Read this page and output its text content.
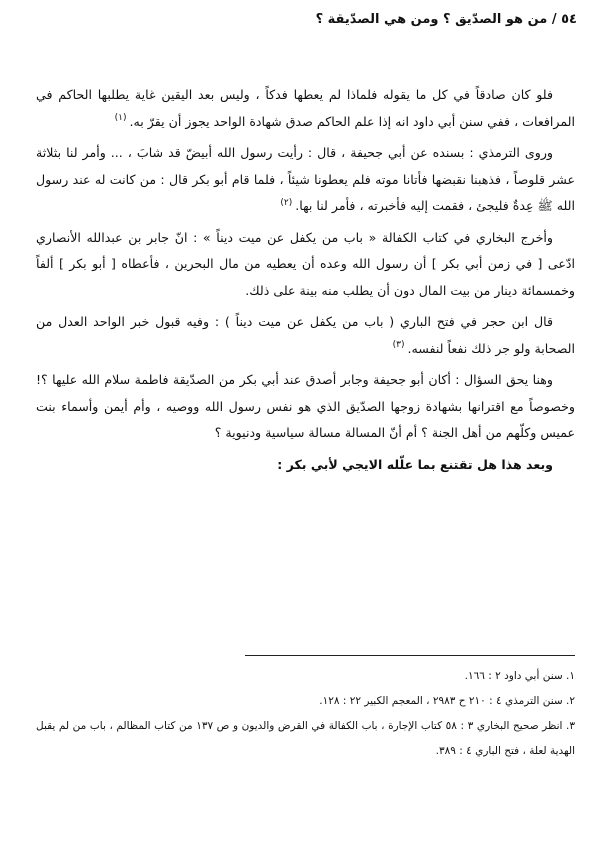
٥٤ / من هو الصدّيق ؟ ومن هي الصدّيقة ؟

فلو كان صادقاً في كل ما يقوله فلماذا لم يعطها فدكاً ، وليس بعد اليقين غاية يطلبها الحاكم في المرافعات ، ففي سنن أبي داود انه إذا علم الحاكم صدق شهادة الواحد يجوز أن يقرّ به.$^{(١)}$

وروى الترمذي : بسنده عن أبي جحيفة ، قال : رأيت رسول الله أبيضّ قد شابَ ، ... وأمر لنا بثلاثة عشر قلوصاً ، فذهبنا نقبضها فأتانا موته فلم يعطونا شيئاً ، فلما قام أبو بكر قال : من كانت له عند رسول الله ﷺ عِدةٌ فليجئ ، فقمت إليه فأخبرته ، فأمر لنا بها.$^{(٢)}$

وأخرج البخاري في كتاب الكفالة « باب من يكفل عن ميت ديناً » : انّ جابر بن عبدالله الأنصاري ادّعى [ في زمن أبي بكر ] أن رسول الله وعده أن يعطيه من مال البحرين ، فأعطاه [ أبو بكر ] ألفاً وخمسمائة دينار من بيت المال دون أن يطلب منه بينة على ذلك.

قال ابن حجر في فتح الباري ( باب من يكفل عن ميت ديناً ) : وفيه قبول خبر الواحد العدل من الصحابة ولو جر ذلك نفعاً لنفسه.$^{(٣)}$

وهنا يحق السؤال : أكان أبو جحيفة وجابر أصدق عند أبي بكر من الصدّيقة فاطمة سلام الله عليها ؟! وخصوصاً مع اقترانها بشهادة زوجها الصدّيق الذي هو نفس رسول الله ووصيه ، وأم أيمن وأسماء بنت عميس وكلّهم من أهل الجنة ؟ أم أنّ المسالة مسالة سياسية ودنيوية ؟

وبعد هذا هل تقتنع بما علّله الايجي لأبي بكر :

١. سنن أبي داود ٢ : ١٦٦.

٢. سنن الترمذي ٤ : ٢١٠ ح ٢٩٨٣ ، المعجم الكبير ٢٢ : ١٢٨.

٣. انظر صحيح البخاري ٣ : ٥٨ كتاب الإجارة ، باب الكفالة في القرض والديون و ص ١٣٧ من كتاب المظالم ، باب من لم يقبل الهدية لعلة ، فتح الباري ٤ : ٣٨٩.
